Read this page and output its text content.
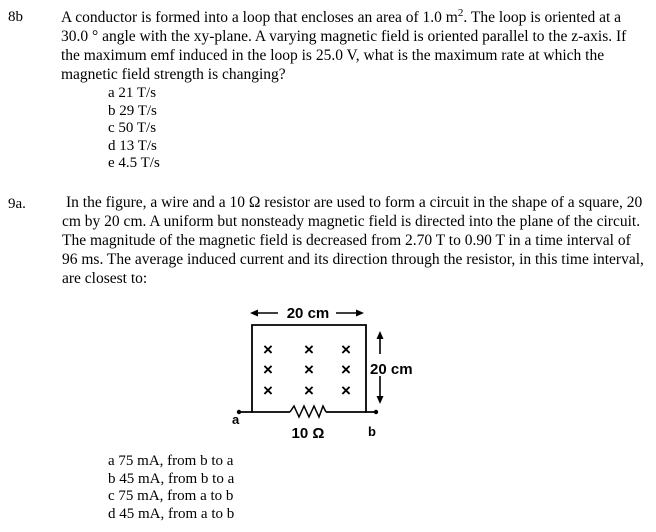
8b A conductor is formed into a loop that encloses an area of 1.0 $m^2$. The loop is oriented at a 30.0 ° angle with the xy-plane. A varying magnetic field is oriented parallel to the z-axis. If the maximum emf induced in the loop is 25.0 V, what is the maximum rate at which the magnetic field strength is changing?
a 21 T/s
b 29 T/s
c 50 T/s
d 13 T/s
e 4.5 T/s
9a.	In the figure, a wire and a 10 Ω resistor are used to form a circuit in the shape of a square, 20 cm by 20 cm. A uniform but nonsteady magnetic field is directed into the plane of the circuit. The magnitude of the magnetic field is decreased from 2.70 T to 0.90 T in a time interval of 96 ms. The average induced current and its direction through the resistor, in this time interval, are closest to:
20 cm
a
b
10 Ω
× × ×
× × ×
× × ×
20 cm
a 75 mA, from b to a
b 45 mA, from b to a
c 75 mA, from a to b
d 45 mA, from a to b
